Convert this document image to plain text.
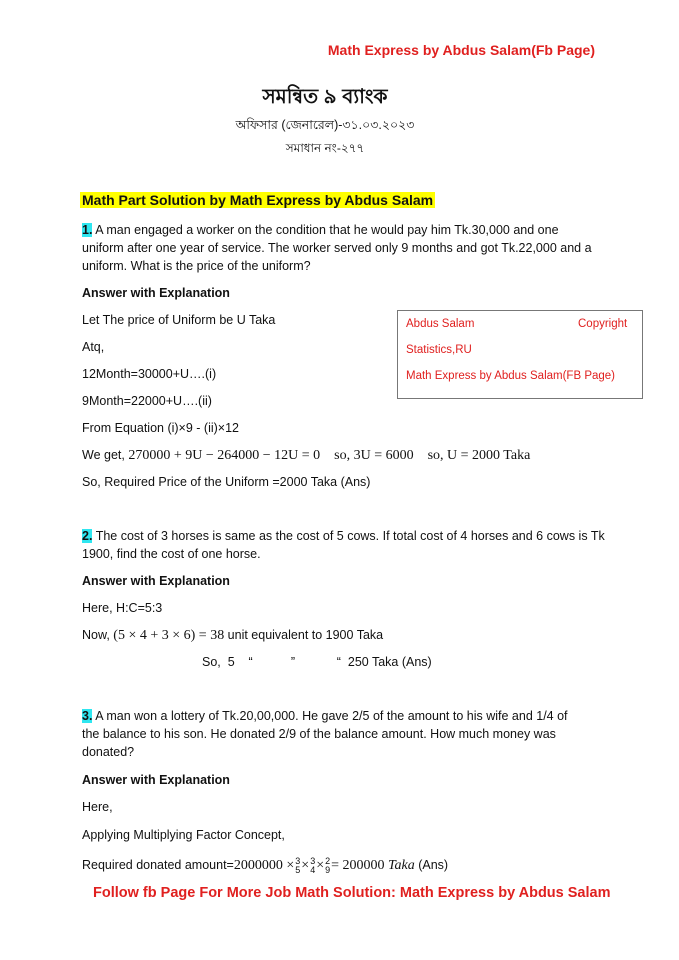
Math Express by Abdus Salam(Fb Page)
সমন্বিত ৯ ব্যাংক
অফিসার (জেনারেল)-৩১.০৩.২০২৩
সমাধান নং-২৭৭
Math Part Solution by Math Express by Abdus Salam
1. A man engaged a worker on the condition that he would pay him Tk.30,000 and one
uniform after one year of service. The worker served only 9 months and got Tk.22,000 and a
uniform. What is the price of the uniform?
Answer with Explanation
Let The price of Uniform be U Taka
Atq,
12Month=30000+U….(i)
9Month=22000+U….(ii)
From Equation (i)×9 - (ii)×12
We get, 270000 + 9U − 264000 − 12U = 0    so, 3U = 6000    so, U = 2000 Taka
So, Required Price of the Uniform =2000 Taka (Ans)
Abdus Salam	Copyright
Statistics,RU
Math Express by Abdus Salam(FB Page)
2. The cost of 3 horses is same as the cost of 5 cows. If total cost of 4 horses and 6 cows is Tk
1900, find the cost of one horse.
Answer with Explanation
Here, H:C=5:3
Now, (5 × 4 + 3 × 6) = 38 unit equivalent to 1900 Taka
So,  5    “           ”            “  250 Taka (Ans)
3. A man won a lottery of Tk.20,00,000. He gave 2/5 of the amount to his wife and 1/4 of
the balance to his son. He donated 2/9 of the balance amount. How much money was
donated?
Answer with Explanation
Here,
Applying Multiplying Factor Concept,
Required donated amount=2000000 × 3
5 × 3
4 × 2
9 = 200000 Taka (Ans)
Follow fb Page For More Job Math Solution: Math Express by Abdus Salam
